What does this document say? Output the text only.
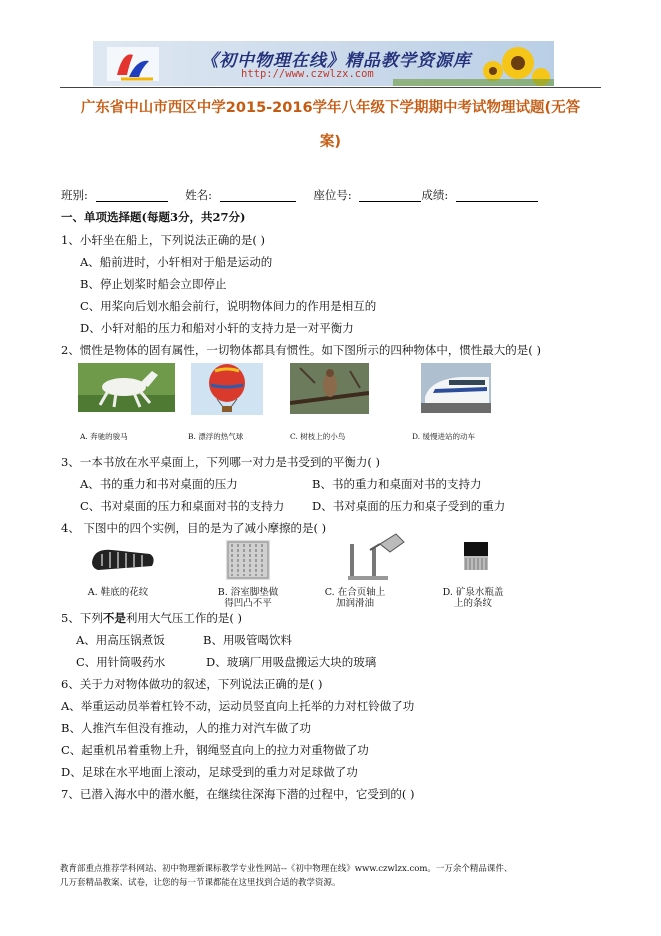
《初中物理在线》精品教学资源库
http://www.czwlzx.com
广东省中山市西区中学2015-2016学年八年级下学期期中考试物理试题(无答
案)
班别:	姓名:	座位号:	成绩:
一、单项选择题(每题3分，共27分)
1、小轩坐在船上，下列说法正确的是( )
A、船前进时，小轩相对于船是运动的
B、停止划桨时船会立即停止
C、用桨向后划水船会前行，说明物体间力的作用是相互的
D、小轩对船的压力和船对小轩的支持力是一对平衡力
2、惯性是物体的固有属性，一切物体都具有惯性。如下图所示的四种物体中，惯性最大的是( )
A. 奔驰的骏马	B. 漂浮的热气球	C. 树枝上的小鸟	D. 缓慢进站的动车
3、一本书放在水平桌面上，下列哪一对力是书受到的平衡力( )
A、书的重力和书对桌面的压力	B、书的重力和桌面对书的支持力
C、书对桌面的压力和桌面对书的支持力 D、书对桌面的压力和桌子受到的重力
4、 下图中的四个实例，目的是为了减小摩擦的是( )
A. 鞋底的花纹	B. 浴室脚垫做
得凹凸不平
C. 在合页轴上
加润滑油
D. 矿泉水瓶盖
上的条纹
5、下列不是利用大气压工作的是( )
A、用高压锅煮饭	B、用吸管喝饮料
C、用针筒吸药水	D、玻璃厂用吸盘搬运大块的玻璃
6、关于力对物体做功的叙述，下列说法正确的是( )
A、举重运动员举着杠铃不动，运动员竖直向上托举的力对杠铃做了功
B、人推汽车但没有推动，人的推力对汽车做了功
C、起重机吊着重物上升，钢绳竖直向上的拉力对重物做了功
D、足球在水平地面上滚动，足球受到的重力对足球做了功
7、已潜入海水中的潜水艇，在继续往深海下潜的过程中，它受到的( )
教育部重点推荐学科网站、初中物理新课标教学专业性网站--《初中物理在线》www.czwlzx.com。一万余个精品课件、
几万套精品教案、试卷，让您的每一节课都能在这里找到合适的教学资源。
